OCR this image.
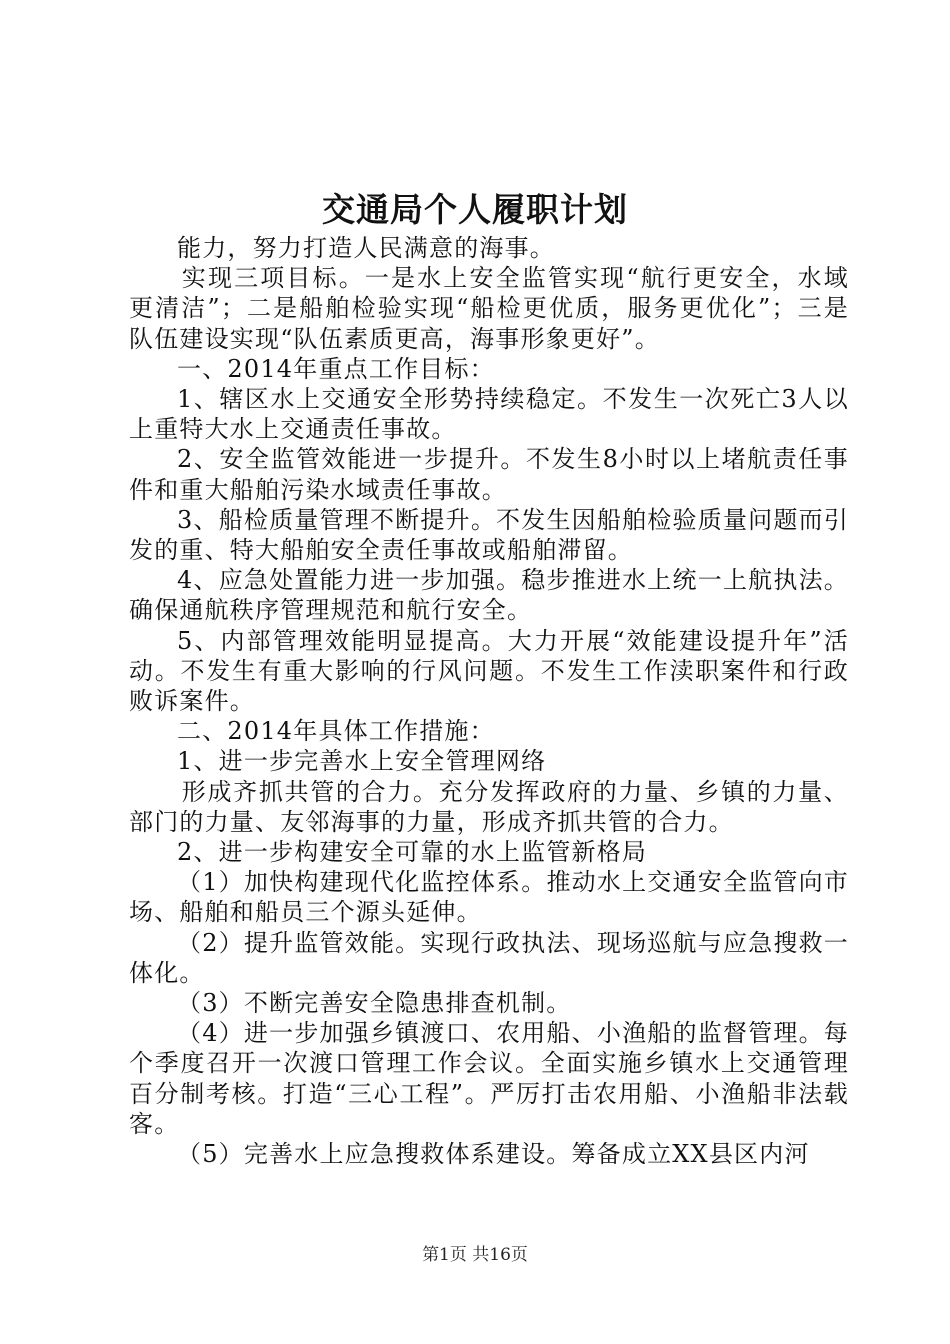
交通局个人履职计划

能力，努力打造人民满意的海事。

实现三项目标。一是水上安全监管实现“航行更安全，水域更清洁”；二是船舶检验实现“船检更优质，服务更优化”；三是队伍建设实现“队伍素质更高，海事形象更好”。

一、2014年重点工作目标：

1、辖区水上交通安全形势持续稳定。不发生一次死亡3人以上重特大水上交通责任事故。

2、安全监管效能进一步提升。不发生8小时以上堵航责任事件和重大船舶污染水域责任事故。

3、船检质量管理不断提升。不发生因船舶检验质量问题而引发的重、特大船舶安全责任事故或船舶滞留。

4、应急处置能力进一步加强。稳步推进水上统一上航执法。确保通航秩序管理规范和航行安全。

5、内部管理效能明显提高。大力开展“效能建设提升年”活动。不发生有重大影响的行风问题。不发生工作渎职案件和行政败诉案件。

二、2014年具体工作措施：

1、进一步完善水上安全管理网络

形成齐抓共管的合力。充分发挥政府的力量、乡镇的力量、部门的力量、友邻海事的力量，形成齐抓共管的合力。

2、进一步构建安全可靠的水上监管新格局

（1）加快构建现代化监控体系。推动水上交通安全监管向市场、船舶和船员三个源头延伸。

（2）提升监管效能。实现行政执法、现场巡航与应急搜救一体化。

（3）不断完善安全隐患排查机制。

（4）进一步加强乡镇渡口、农用船、小渔船的监督管理。每个季度召开一次渡口管理工作会议。全面实施乡镇水上交通管理百分制考核。打造“三心工程”。严厉打击农用船、小渔船非法载客。

（5）完善水上应急搜救体系建设。筹备成立XX县区内河

第1页 共16页
